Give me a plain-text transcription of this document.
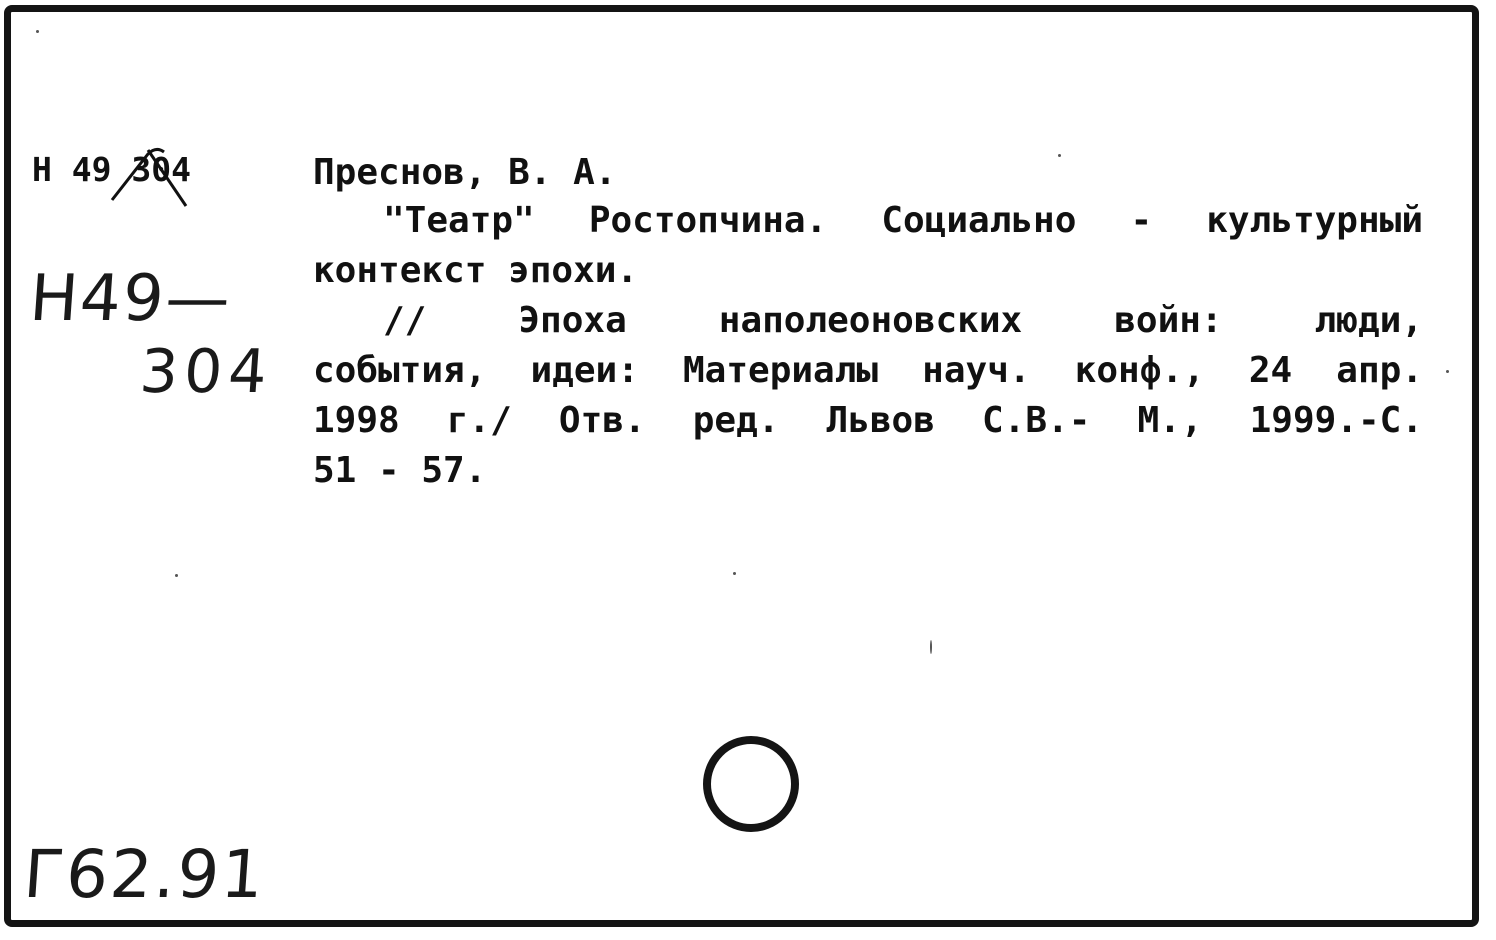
Н 49 304
Н49—
304
Преснов, В. А.
"Театр" Ростопчина. Социально - культурный
контекст эпохи.
// Эпоха наполеоновских войн: люди,
события, идеи: Материалы науч. конф., 24 апр.
1998 г./ Отв. ред. Львов С.В.- М., 1999.-С.
51 - 57.
Г62.91
